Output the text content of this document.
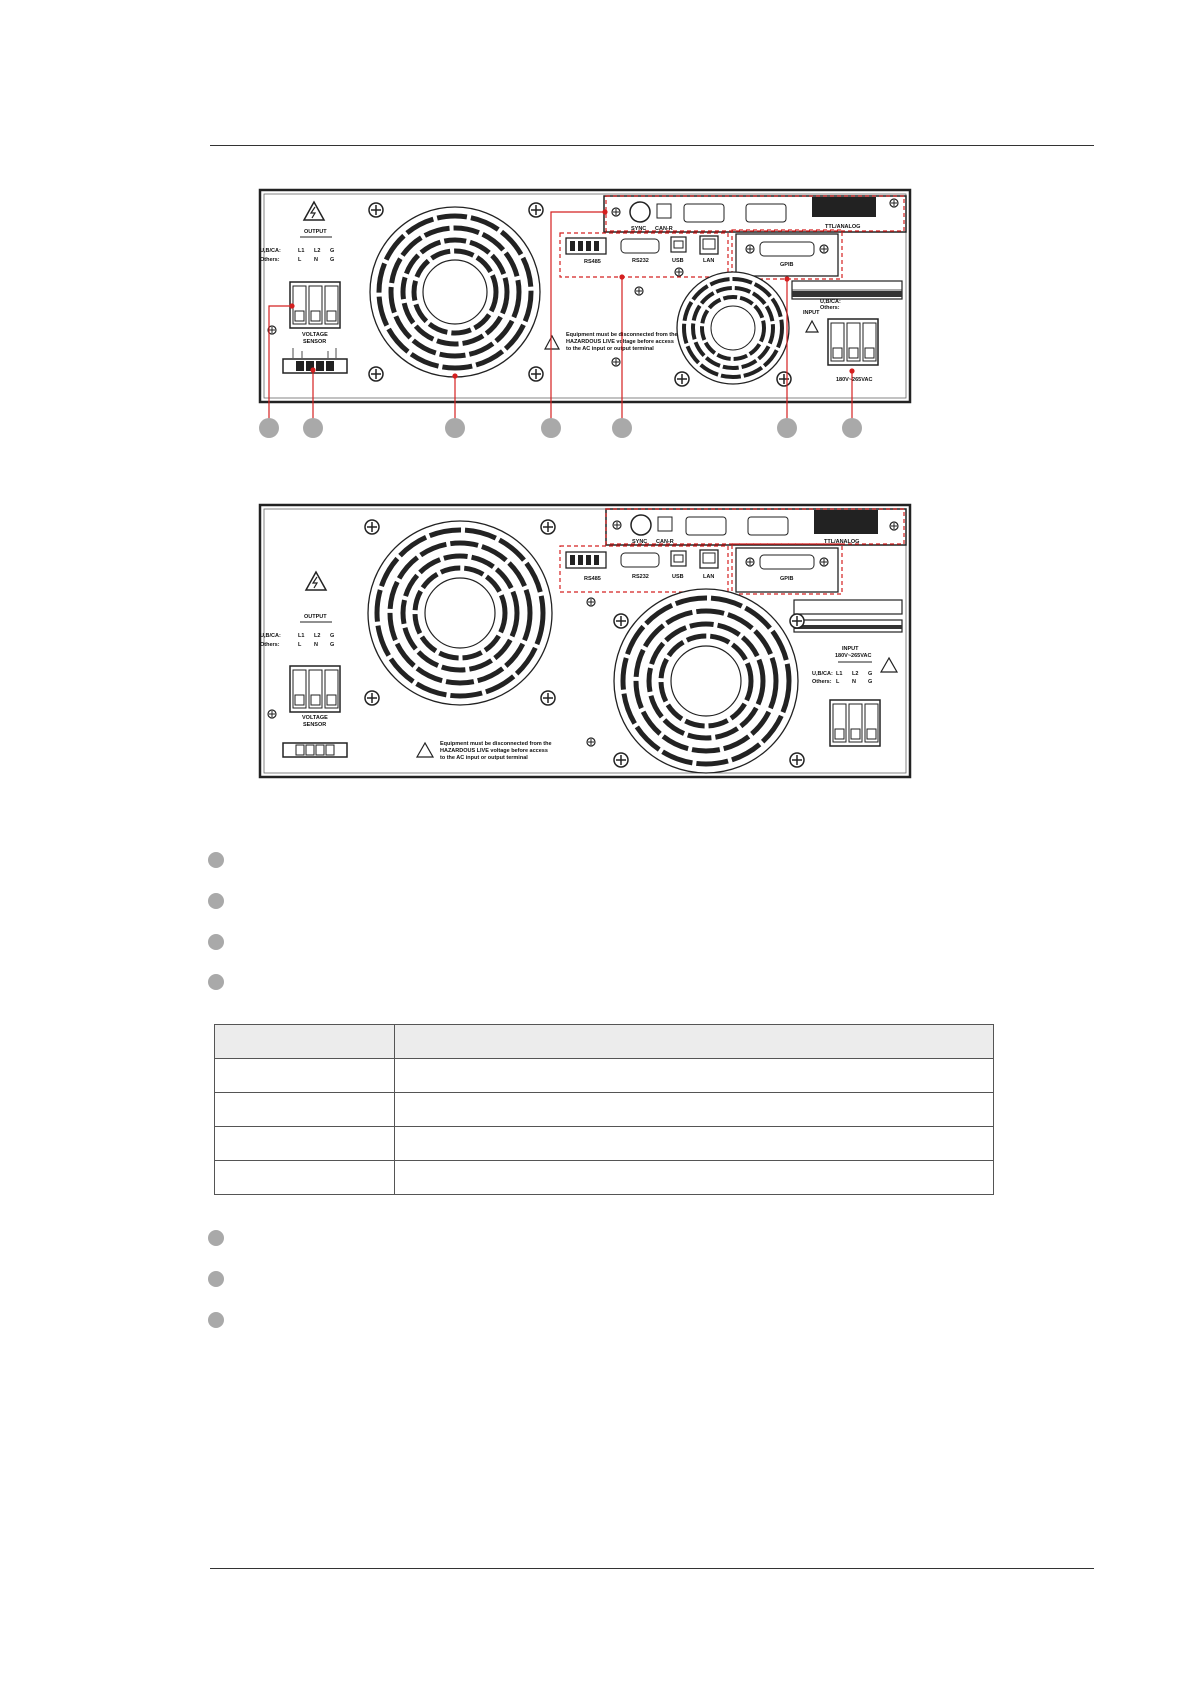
OUTPUT
U,B/CA:	L1 L2 G
Others:	L N G
VOLTAGE
SENSOR
SYNC CAN-R	TTL/ANALOG
RS485	RS232	USB	LAN
GPIB
Equipment must be disconnected from the
HAZARDOUS LIVE voltage before access
to the AC input or output terminal
INPUT
U,B/CA:
Others:
180V~265VAC
OUTPUT
U,B/CA:	L1 L2 G
Others:	L N G
VOLTAGE
SENSOR
Equipment must be disconnected from the
HAZARDOUS LIVE voltage before access
to the AC input or output terminal
SYNC CAN-R	TTL/ANALOG
RS485	RS232	USB	LAN	GPIB
INPUT
180V~265VAC
U,B/CA: L1 L2 G
Others: L N G
